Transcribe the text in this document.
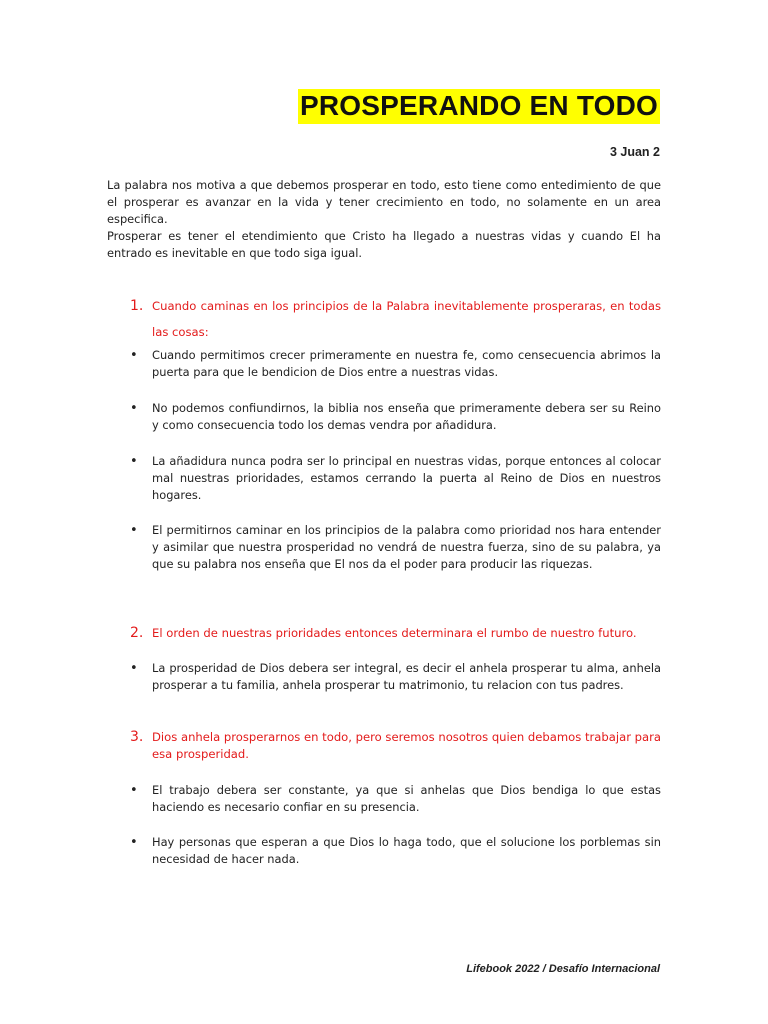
PROSPERANDO EN TODO
3 Juan 2

La palabra nos motiva a que debemos prosperar en todo, esto tiene como entedimiento de que el prosperar es avanzar en la vida y tener crecimiento en todo, no solamente en un area especifica.

Prosperar es tener el etendimiento que Cristo ha llegado a nuestras vidas y cuando El ha entrado es inevitable en que todo siga igual.

1. Cuando caminas en los principios de la Palabra inevitablemente prosperaras, en todas las cosas:
• Cuando permitimos crecer primeramente en nuestra fe, como censecuencia abrimos la puerta para que le bendicion de Dios entre a nuestras vidas.
• No podemos confiundirnos, la biblia nos enseña que primeramente debera ser su Reino y como consecuencia todo los demas vendra por añadidura.
• La añadidura nunca podra ser lo principal en nuestras vidas, porque entonces al colocar mal nuestras prioridades, estamos cerrando la puerta al Reino de Dios en nuestros hogares.
• El permitirnos caminar en los principios de la palabra como prioridad nos hara entender y asimilar que nuestra prosperidad no vendrá de nuestra fuerza, sino de su palabra, ya que su palabra nos enseña que El nos da el poder para producir las riquezas.
2. El orden de nuestras prioridades entonces determinara el rumbo de nuestro futuro.
• La prosperidad de Dios debera ser integral, es decir el anhela prosperar tu alma, anhela prosperar a tu familia, anhela prosperar tu matrimonio, tu relacion con tus padres.
3. Dios anhela prosperarnos en todo, pero seremos nosotros quien debamos trabajar para esa prosperidad.
• El trabajo debera ser constante, ya que si anhelas que Dios bendiga lo que estas haciendo es necesario confiar en su presencia.
• Hay personas que esperan a que Dios lo haga todo, que el solucione los porblemas sin necesidad de hacer nada.
Lifebook 2022 / Desafío Internacional
